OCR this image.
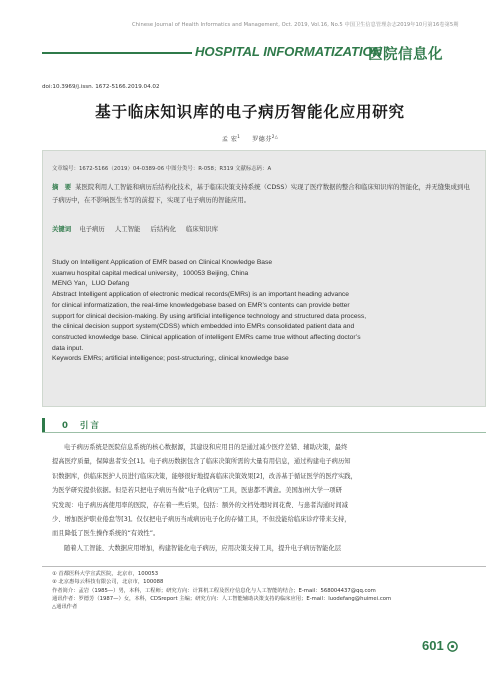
Chinese Journal of Health Informatics and Management, Oct. 2019, Vol.16, No.5 中国卫生信息管理杂志2019年10月第16卷第5期
HOSPITAL INFORMATIZATION
医院信息化
doi:10.3969/j.issn. 1672-5166.2019.04.02
基于临床知识库的电子病历智能化应用研究
孟 宏$^1$ 罗德芬$^{2\triangle}$
文章编号：1672-5166（2019）04-0389-06 中图分类号：R-058；R319 文献标志码：A
摘　要 某医院利用人工智能和病历后结构化技术，基于临床决策支持系统（CDSS）实现了医疗数据的整合和临床知识库的智能化，并无缝集成到电子病历中，在不影响医生书写的前提下，实现了电子病历的智能应用。
关键词 电子病历 人工智能 后结构化 临床知识库
Study on Intelligent Application of EMR based on Clinical Knowledge Base
xuanwu hospital capital medical university，100053 Beijing, China
MENG Yan，LUO Defang
Abstract Intelligent application of electronic medical records(EMRs) is an important heading advance
for clinical informatization, the real-time knowledgebase based on EMR’s contents can provide better
support for clinical decision-making. By using artificial intelligence technology and structured data process,
the clinical decision support system(CDSS) which embedded into EMRs consolidated patient data and
constructed knowledge base. Clinical application of intelligent EMRs came true without affecting doctor’s
data input.
Keywords EMRs; artificial intelligence; post-structuring;, clinical knowledge base
0 引言
电子病历系统是医院信息系统的核心数据源，其建设和应用目的是通过减少医疗差错、辅助决策，最终
提高医疗质量，保障患者安全[1]。电子病历数据包含了临床决策所需的大量有用信息，通过构建电子病历知
识数据库，供临床医护人员进行临床决策，能够很好地提高临床决策效果[2]，改善基于循证医学的医疗实践，
为医学研究提供依据。但是若只把电子病历当做“电子化病历”工具，医患都不满意。美国加州大学一项研
究发现：电子病历高使用率的医院，存在着一些后果，包括：额外的文档处理时间花费、与患者沟通时间减
少、增加医护职业倦怠等[3]。仅仅把电子病历当成病历电子化的存储工具，不但没能给临床诊疗带来支持，
而且降低了医生操作系统的“有效性”。
随着人工智能、大数据应用增加，构建智能化电子病历，应用决策支持工具，提升电子病历智能化层
① 首都医科大学宣武医院，北京市，100053
② 北京惠每云科技有限公司，北京市，100088
作者简介：孟岩（1985—）男，本科，工程师；研究方向：计算机工程及医疗信息化与人工智能的结合；E-mail：568004437@qq.com
通讯作者：罗德芳（1987—）女，本科，CDSreport 主编；研究方向：人工智能辅助决策支持的临床应用；E-mail：luodefang@huimei.com
△通讯作者
601
